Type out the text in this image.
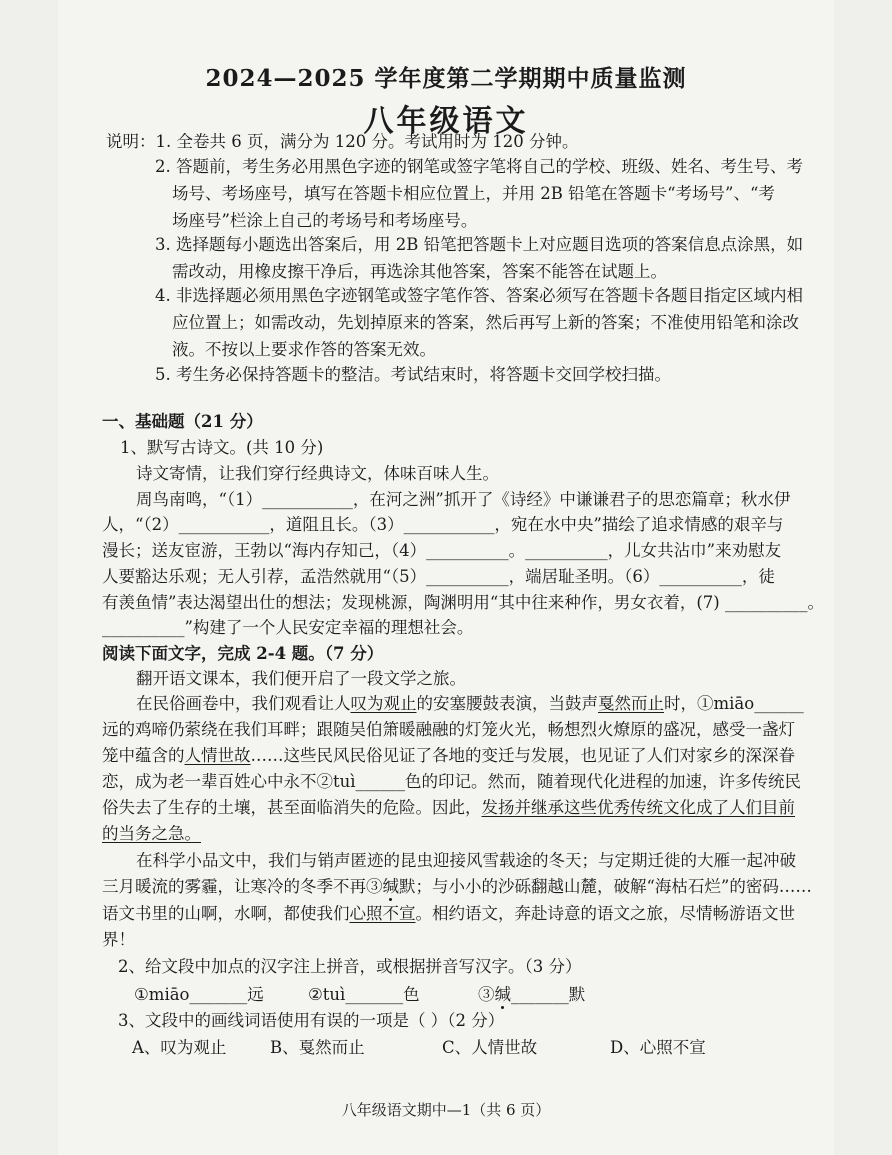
2024—2025 学年度第二学期期中质量监测
八年级语文
说明：1. 全卷共 6 页，满分为 120 分。考试用时为 120 分钟。
2. 答题前，考生务必用黑色字迹的钢笔或签字笔将自己的学校、班级、姓名、考生号、考
场号、考场座号，填写在答题卡相应位置上，并用 2B 铅笔在答题卡“考场号”、“考
场座号”栏涂上自己的考场号和考场座号。
3. 选择题每小题选出答案后，用 2B 铅笔把答题卡上对应题目选项的答案信息点涂黑，如
需改动，用橡皮擦干净后，再选涂其他答案，答案不能答在试题上。
4. 非选择题必须用黑色字迹钢笔或签字笔作答、答案必须写在答题卡各题目指定区域内相
应位置上；如需改动，先划掉原来的答案，然后再写上新的答案；不准使用铅笔和涂改
液。不按以上要求作答的答案无效。
5. 考生务必保持答题卡的整洁。考试结束时，将答题卡交回学校扫描。
一、基础题（21 分）
1、默写古诗文。(共 10 分)
诗文寄情，让我们穿行经典诗文，体味百味人生。
周鸟南鸣，“（1）___________，在河之洲”抓开了《诗经》中谦谦君子的思恋篇章；秋水伊
人，“（2）___________，道阻且长。（3）___________，宛在水中央”描绘了追求情感的艰辛与
漫长；送友宦游，王勃以“海内存知己，（4）__________。__________，儿女共沾巾”来劝慰友
人要豁达乐观；无人引荐，孟浩然就用“（5）__________，端居耻圣明。（6）__________，徒
有羡鱼情”表达渴望出仕的想法；发现桃源，陶渊明用“其中往来种作，男女衣着，(7) __________。
__________”构建了一个人民安定幸福的理想社会。
阅读下面文字，完成 2-4 题。（7 分）
翻开语文课本，我们便开启了一段文学之旅。
在民俗画卷中，我们观看让人叹为观止的安塞腰鼓表演，当鼓声戛然而止时，①miāo______
远的鸡啼仍萦绕在我们耳畔；跟随吴伯箫暖融融的灯笼火光，畅想烈火燎原的盛况，感受一盏灯
笼中蕴含的人情世故……这些民风民俗见证了各地的变迁与发展，也见证了人们对家乡的深深眷
恋，成为老一辈百姓心中永不②tuì______色的印记。然而，随着现代化进程的加速，许多传统民
俗失去了生存的土壤，甚至面临消失的危险。因此，发扬并继承这些优秀传统文化成了人们目前
的当务之急。
在科学小品文中，我们与销声匿迹的昆虫迎接风雪载途的冬天；与定期迁徙的大雁一起冲破
三月暖流的雾霾，让寒冷的冬季不再③缄默；与小小的沙砾翻越山麓，破解“海枯石烂”的密码……
语文书里的山啊，水啊，都使我们心照不宣。相约语文，奔赴诗意的语文之旅，尽情畅游语文世
界！
2、给文段中加点的汉字注上拼音，或根据拼音写汉字。（3 分）
①miāo_______远	②tuì_______色	③缄_______默
3、文段中的画线词语使用有误的一项是（ ）（2 分）
A、叹为观止	B、戛然而止	C、人情世故	D、心照不宣
八年级语文期中—1（共 6 页）
